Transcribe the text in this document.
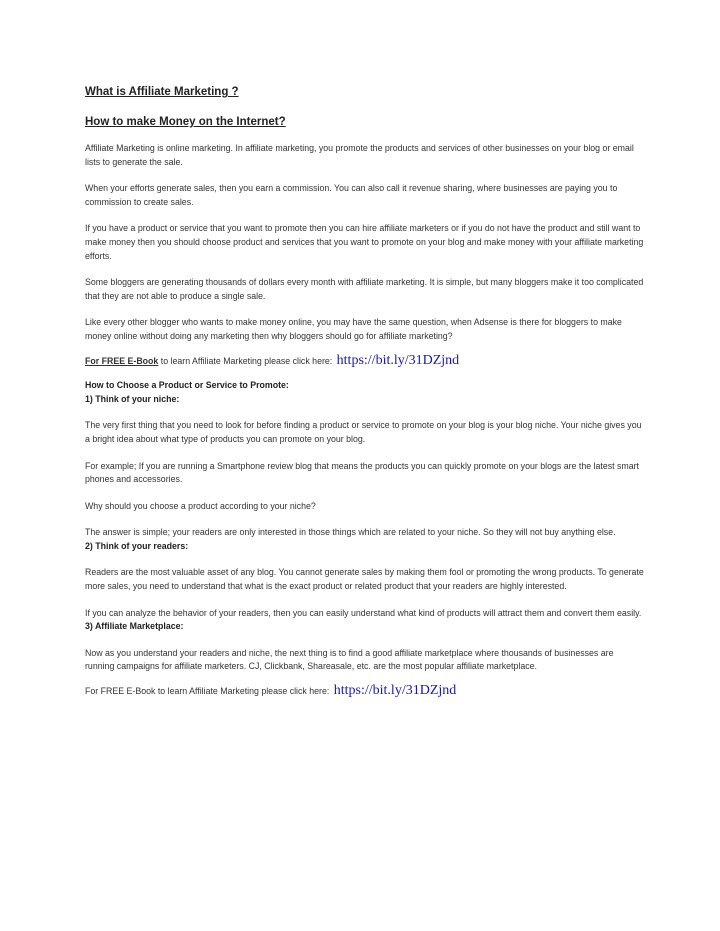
What is Affiliate Marketing ?
How to make Money on the Internet?

Affiliate Marketing is online marketing. In affiliate marketing, you promote the products and services of other businesses on your blog or email lists to generate the sale.

When your efforts generate sales, then you earn a commission. You can also call it revenue sharing, where businesses are paying you to commission to create sales.

If you have a product or service that you want to promote then you can hire affiliate marketers or if you do not have the product and still want to make money then you should choose product and services that you want to promote on your blog and make money with your affiliate marketing efforts.

Some bloggers are generating thousands of dollars every month with affiliate marketing. It is simple, but many bloggers make it too complicated that they are not able to produce a single sale.

Like every other blogger who wants to make money online, you may have the same question, when Adsense is there for bloggers to make money online without doing any marketing then why bloggers should go for affiliate marketing?

For FREE E-Book to learn Affiliate Marketing please click here: https://bit.ly/31DZjnd

How to Choose a Product or Service to Promote:
1) Think of your niche:

The very first thing that you need to look for before finding a product or service to promote on your blog is your blog niche. Your niche gives you a bright idea about what type of products you can promote on your blog.

For example; If you are running a Smartphone review blog that means the products you can quickly promote on your blogs are the latest smart phones and accessories.

Why should you choose a product according to your niche?

The answer is simple; your readers are only interested in those things which are related to your niche. So they will not buy anything else.

2) Think of your readers:

Readers are the most valuable asset of any blog. You cannot generate sales by making them fool or promoting the wrong products. To generate more sales, you need to understand that what is the exact product or related product that your readers are highly interested.

If you can analyze the behavior of your readers, then you can easily understand what kind of products will attract them and convert them easily.

3) Affiliate Marketplace:

Now as you understand your readers and niche, the next thing is to find a good affiliate marketplace where thousands of businesses are running campaigns for affiliate marketers. CJ, Clickbank, Shareasale, etc. are the most popular affiliate marketplace.

For FREE E-Book to learn Affiliate Marketing please click here: https://bit.ly/31DZjnd
